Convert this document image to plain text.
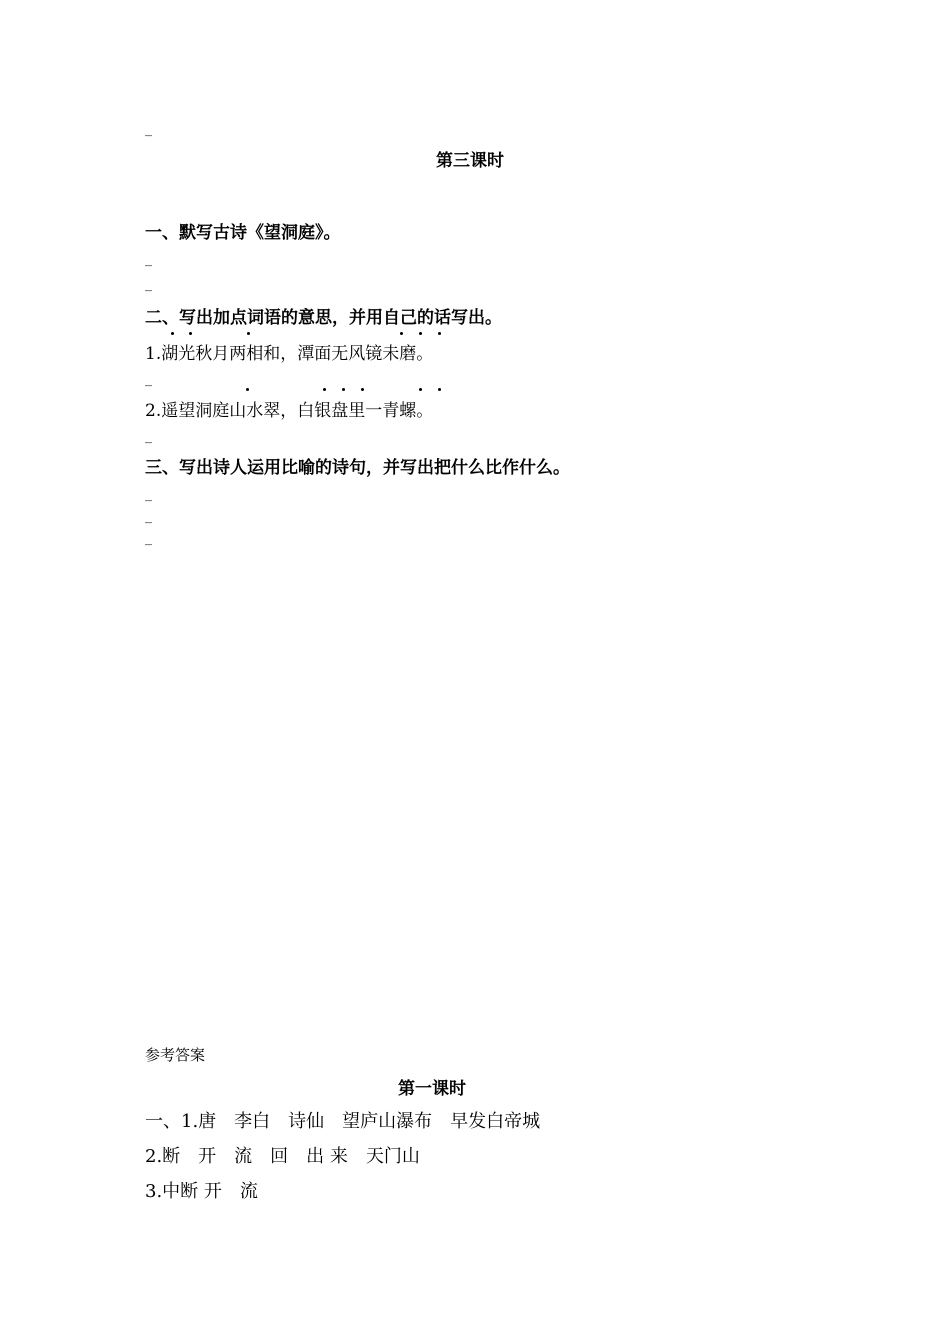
_
第三课时
一、默写古诗《望洞庭》。
_
_
二、写出加点词语的意思，并用自己的话写出。
1.湖光秋月两相和，潭面无风镜未磨。
_
2.遥望洞庭山水翠，白银盘里一青螺。
_
三、写出诗人运用比喻的诗句，并写出把什么比作什么。
_
_
_
参考答案
第一课时
一、1.唐　李白　诗仙　望庐山瀑布　早发白帝城
2.断　开　流　回　出 来　天门山
3.中断 开　流
